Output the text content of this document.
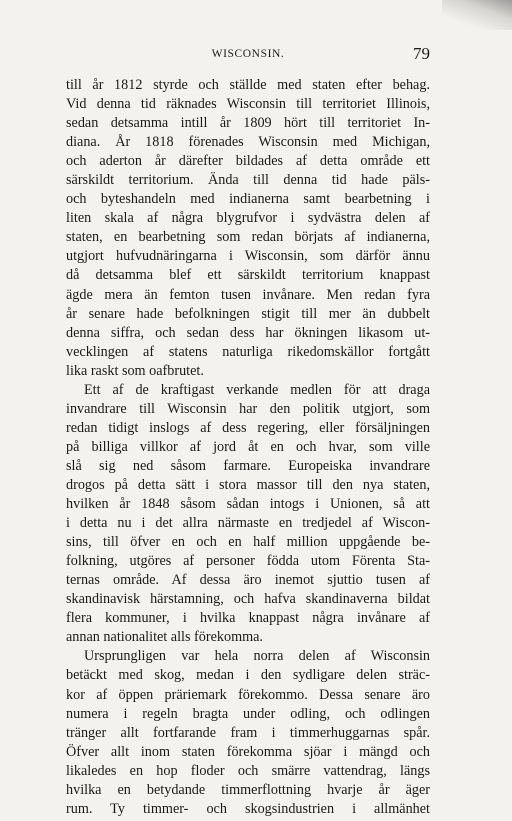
WISCONSIN.	79
till år 1812 styrde och ställde med staten efter behag.
Vid denna tid räknades Wisconsin till territoriet Illinois,
sedan detsamma intill år 1809 hört till territoriet In-
diana. År 1818 förenades Wisconsin med Michigan,
och aderton år därefter bildades af detta område ett
särskildt territorium. Ända till denna tid hade päls-
och byteshandeln med indianerna samt bearbetning i
liten skala af några blygrufvor i sydvästra delen af
staten, en bearbetning som redan börjats af indianerna,
utgjort hufvudnäringarna i Wisconsin, som därför ännu
då detsamma blef ett särskildt territorium knappast
ägde mera än femton tusen invånare. Men redan fyra
år senare hade befolkningen stigit till mer än dubbelt
denna siffra, och sedan dess har ökningen likasom ut-
vecklingen af statens naturliga rikedomskällor fortgått
lika raskt som oafbrutet.
Ett af de kraftigast verkande medlen för att draga
invandrare till Wisconsin har den politik utgjort, som
redan tidigt inslogs af dess regering, eller försäljningen
på billiga villkor af jord åt en och hvar, som ville
slå sig ned såsom farmare. Europeiska invandrare
drogos på detta sätt i stora massor till den nya staten,
hvilken år 1848 såsom sådan intogs i Unionen, så att
i detta nu i det allra närmaste en tredjedel af Wiscon-
sins, till öfver en och en half million uppgående be-
folkning, utgöres af personer födda utom Förenta Sta-
ternas område. Af dessa äro inemot sjuttio tusen af
skandinavisk härstamning, och hafva skandinaverna bildat
flera kommuner, i hvilka knappast några invånare af
annan nationalitet alls förekomma.
Ursprungligen var hela norra delen af Wisconsin
betäckt med skog, medan i den sydligare delen sträc-
kor af öppen präriemark förekommo. Dessa senare äro
numera i regeln bragta under odling, och odlingen
tränger allt fortfarande fram i timmerhuggarnas spår.
Öfver allt inom staten förekomma sjöar i mängd och
likaledes en hop floder och smärre vattendrag, längs
hvilka en betydande timmerflottning hvarje år äger
rum. Ty timmer- och skogsindustrien i allmänhet
